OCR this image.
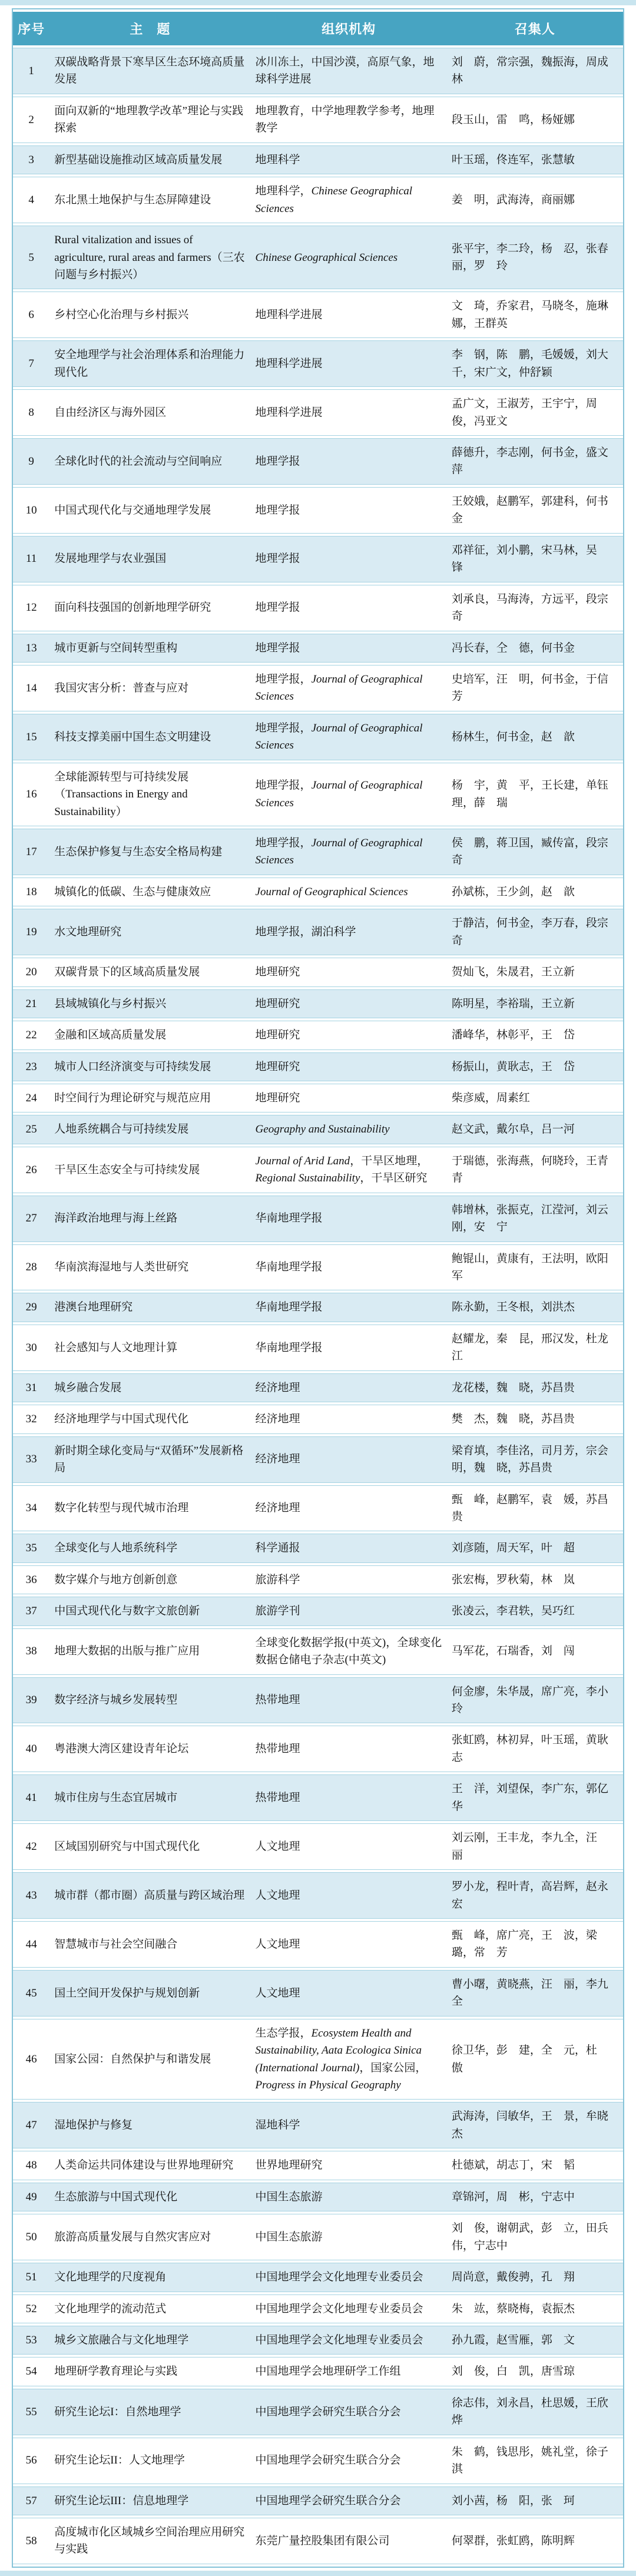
序号	主　题	组织机构	召集人
1	双碳战略背景下寒旱区生态环境高质量发展	冰川冻土，中国沙漠，高原气象，地球科学进展	刘　蔚，常宗强，魏振海，周成林
2	面向双新的“地理教学改革”理论与实践探索	地理教育，中学地理教学参考，地理教学	段玉山，雷　鸣，杨娅娜
3	新型基础设施推动区域高质量发展	地理科学	叶玉瑶，佟连军，张慧敏
4	东北黑土地保护与生态屏障建设	地理科学，Chinese Geographical Sciences	姜　明，武海涛，商丽娜
5	Rural vitalization and issues of agriculture, rural areas and farmers（三农问题与乡村振兴）	Chinese Geographical Sciences	张平宇，李二玲，杨　忍，张春丽，罗　玲
6	乡村空心化治理与乡村振兴	地理科学进展	文　琦，乔家君，马晓冬，施琳娜，王群英
7	安全地理学与社会治理体系和治理能力现代化	地理科学进展	李　钢，陈　鹏，毛媛媛，刘大千，宋广文，仲舒颖
8	自由经济区与海外园区	地理科学进展	孟广文，王淑芳，王宇宁，周　俊，冯亚文
9	全球化时代的社会流动与空间响应	地理学报	薛德升，李志刚，何书金，盛文萍
10	中国式现代化与交通地理学发展	地理学报	王姣娥，赵鹏军，郭建科，何书金
11	发展地理学与农业强国	地理学报	邓祥征，刘小鹏，宋马林，吴　锋
12	面向科技强国的创新地理学研究	地理学报	刘承良，马海涛，方远平，段宗奇
13	城市更新与空间转型重构	地理学报	冯长春，仝　德，何书金
14	我国灾害分析：普查与应对	地理学报，Journal of Geographical Sciences	史培军，汪　明，何书金，于信芳
15	科技支撑美丽中国生态文明建设	地理学报，Journal of Geographical Sciences	杨林生，何书金，赵　歆
16	全球能源转型与可持续发展（Transactions in Energy and Sustainability）	地理学报，Journal of Geographical Sciences	杨　宇，黄　平，王长建，单钰理，薛　瑞
17	生态保护修复与生态安全格局构建	地理学报，Journal of Geographical Sciences	侯　鹏，蒋卫国，臧传富，段宗奇
18	城镇化的低碳、生态与健康效应	Journal of Geographical Sciences	孙斌栋，王少剑，赵　歆
19	水文地理研究	地理学报，湖泊科学	于静洁，何书金，李万春，段宗奇
20	双碳背景下的区域高质量发展	地理研究	贺灿飞，朱晟君，王立新
21	县域城镇化与乡村振兴	地理研究	陈明星，李裕瑞，王立新
22	金融和区域高质量发展	地理研究	潘峰华，林彰平，王　岱
23	城市人口经济演变与可持续发展	地理研究	杨振山，黄耿志，王　岱
24	时空间行为理论研究与规范应用	地理研究	柴彦威，周素红
25	人地系统耦合与可持续发展	Geography and Sustainability	赵文武，戴尔阜，吕一河
26	干旱区生态安全与可持续发展	Journal of Arid Land，干旱区地理，Regional Sustainability，干旱区研究	于瑞德，张海燕，何晓玲，王青青
27	海洋政治地理与海上丝路	华南地理学报	韩增林，张振克，江滢河，刘云刚，安　宁
28	华南滨海湿地与人类世研究	华南地理学报	鲍锟山，黄康有，王法明，欧阳军
29	港澳台地理研究	华南地理学报	陈永勤，王冬根，刘洪杰
30	社会感知与人文地理计算	华南地理学报	赵耀龙，秦　昆，邢汉发，杜龙江
31	城乡融合发展	经济地理	龙花楼，魏　晓，苏昌贵
32	经济地理学与中国式现代化	经济地理	樊　杰，魏　晓，苏昌贵
33	新时期全球化变局与“双循环”发展新格局	经济地理	梁育填，李佳洺，司月芳，宗会明，魏　晓，苏昌贵
34	数字化转型与现代城市治理	经济地理	甄　峰，赵鹏军，袁　媛，苏昌贵
35	全球变化与人地系统科学	科学通报	刘彦随，周天军，叶　超
36	数字媒介与地方创新创意	旅游科学	张宏梅，罗秋菊，林　岚
37	中国式现代化与数字文旅创新	旅游学刊	张凌云，李君轶，吴巧红
38	地理大数据的出版与推广应用	全球变化数据学报(中英文)，全球变化数据仓储电子杂志(中英文)	马军花，石瑞香，刘　闯
39	数字经济与城乡发展转型	热带地理	何金廖，朱华晟，席广亮，李小玲
40	粤港澳大湾区建设青年论坛	热带地理	张虹鸥，林初昇，叶玉瑶，黄耿志
41	城市住房与生态宜居城市	热带地理	王　洋，刘望保，李广东，郭亿华
42	区域国别研究与中国式现代化	人文地理	刘云刚，王丰龙，李九全，汪　丽
43	城市群（都市圈）高质量与跨区域治理	人文地理	罗小龙，程叶青，高岩辉，赵永宏
44	智慧城市与社会空间融合	人文地理	甄　峰，席广亮，王　波，梁　璐，常　芳
45	国土空间开发保护与规划创新	人文地理	曹小曙，黄晓燕，汪　丽，李九全
46	国家公园：自然保护与和谐发展	生态学报，Ecosystem Health and Sustainability, Aata Ecologica Sinica (International Journal)，国家公园，Progress in Physical Geography	徐卫华，彭　建，全　元，杜　傲
47	湿地保护与修复	湿地科学	武海涛，闫敏华，王　景，牟晓杰
48	人类命运共同体建设与世界地理研究	世界地理研究	杜德斌，胡志丁，宋　韬
49	生态旅游与中国式现代化	中国生态旅游	章锦河，周　彬，宁志中
50	旅游高质量发展与自然灾害应对	中国生态旅游	刘　俊，谢朝武，彭　立，田兵伟，宁志中
51	文化地理学的尺度视角	中国地理学会文化地理专业委员会	周尚意，戴俊骋，孔　翔
52	文化地理学的流动范式	中国地理学会文化地理专业委员会	朱　竑，蔡晓梅，袁振杰
53	城乡文旅融合与文化地理学	中国地理学会文化地理专业委员会	孙九霞，赵雪雁，郭　文
54	地理研学教育理论与实践	中国地理学会地理研学工作组	刘　俊，白　凯，唐雪琼
55	研究生论坛I：自然地理学	中国地理学会研究生联合分会	徐志伟，刘永昌，杜思媛，王欣烨
56	研究生论坛II：人文地理学	中国地理学会研究生联合分会	朱　鹤，钱思彤，姚礼堂，徐子淇
57	研究生论坛III：信息地理学	中国地理学会研究生联合分会	刘小茜，杨　阳，张　珂
58	高度城市化区域城乡空间治理应用研究与实践	东莞广量控股集团有限公司	何翠群，张虹鸥，陈明辉
